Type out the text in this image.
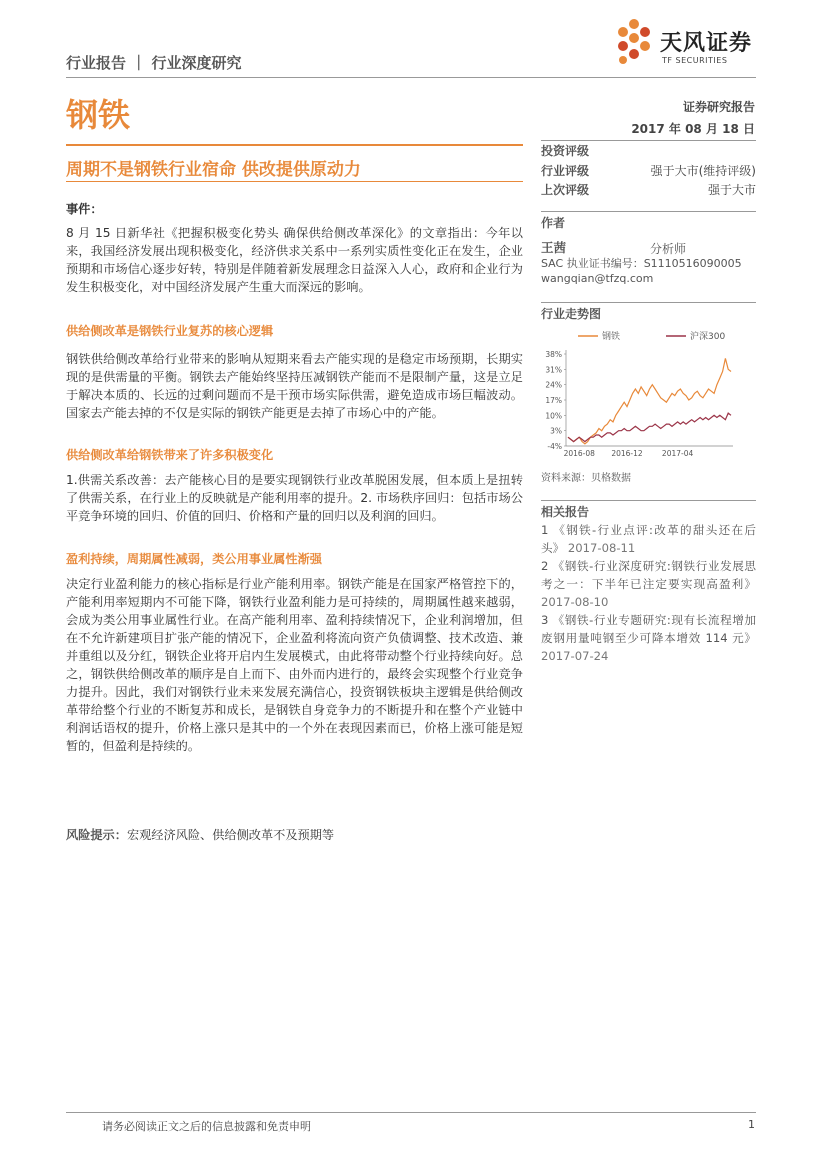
行业报告 ｜ 行业深度研究
天风证券
TF SECURITIES
钢铁	证券研究报告
2017 年 08 月 18 日
周期不是钢铁行业宿命 供改提供原动力
事件：

8 月 15 日新华社《把握积极变化势头 确保供给侧改革深化》的文章指出：今年以来，我国经济发展出现积极变化，经济供求关系中一系列实质性变化正在发生，企业预期和市场信心逐步好转，特别是伴随着新发展理念日益深入人心，政府和企业行为发生积极变化，对中国经济发展产生重大而深远的影响。

供给侧改革是钢铁行业复苏的核心逻辑

钢铁供给侧改革给行业带来的影响从短期来看去产能实现的是稳定市场预期，长期实现的是供需量的平衡。钢铁去产能始终坚持压减钢铁产能而不是限制产量，这是立足于解决本质的、长远的过剩问题而不是干预市场实际供需，避免造成市场巨幅波动。国家去产能去掉的不仅是实际的钢铁产能更是去掉了市场心中的产能。

供给侧改革给钢铁带来了许多积极变化

1.供需关系改善：去产能核心目的是要实现钢铁行业改革脱困发展，但本质上是扭转了供需关系，在行业上的反映就是产能利用率的提升。2. 市场秩序回归：包括市场公平竞争环境的回归、价值的回归、价格和产量的回归以及利润的回归。

盈利持续，周期属性减弱，类公用事业属性渐强

决定行业盈利能力的核心指标是行业产能利用率。钢铁产能是在国家严格管控下的，产能利用率短期内不可能下降，钢铁行业盈利能力是可持续的，周期属性越来越弱，会成为类公用事业属性行业。在高产能利用率、盈利持续情况下，企业利润增加，但在不允许新建项目扩张产能的情况下，企业盈利将流向资产负债调整、技术改造、兼并重组以及分红，钢铁企业将开启内生发展模式，由此将带动整个行业持续向好。总之，钢铁供给侧改革的顺序是自上而下、由外而内进行的，最终会实现整个行业竞争力提升。因此，我们对钢铁行业未来发展充满信心，投资钢铁板块主逻辑是供给侧改革带给整个行业的不断复苏和成长，是钢铁自身竞争力的不断提升和在整个产业链中利润话语权的提升，价格上涨只是其中的一个外在表现因素而已，价格上涨可能是短暂的，但盈利是持续的。

风险提示：宏观经济风险、供给侧改革不及预期等
投资评级
行业评级	强于大市(维持评级)
上次评级	强于大市
作者
王茜	分析师
SAC 执业证书编号：S1110516090005
wangqian@tfzq.com
行业走势图
钢铁	沪深300
-4%
3%
10%
17%
24%
31%
38%
2016-08 2016-12	2017-04
资料来源：贝格数据
相关报告
1 《钢铁-行业点评:改革的甜头还在后头》 2017-08-11
2 《钢铁-行业深度研究:钢铁行业发展思考之一：下半年已注定要实现高盈利》 2017-08-10
3 《钢铁-行业专题研究:现有长流程增加废钢用量吨钢至少可降本增效 114 元》 2017-07-24
请务必阅读正文之后的信息披露和免责申明	1
